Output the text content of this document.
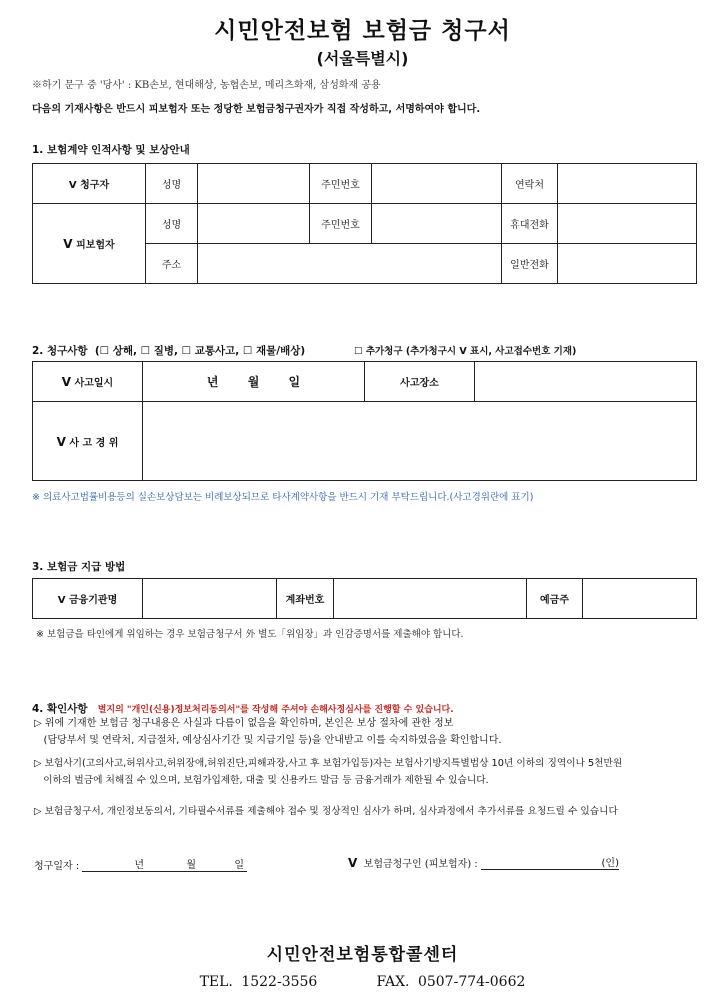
시민안전보험 보험금 청구서
(서울특별시)
※하기 문구 중 '당사' : KB손보, 현대해상, 농협손보, 메리츠화재, 삼성화재 공용
다음의 기재사항은 반드시 피보험자 또는 정당한 보험금청구권자가 직접 작성하고, 서명하여야 합니다.
1. 보험계약 인적사항 및 보상안내
V 청구자	성명		주민번호		연락처	
V 피보험자	성명		주민번호		휴대전화	
	주소				일반전화	
2. 청구사항 (☐ 상해, ☐ 질병, ☐ 교통사고, ☐ 재물/배상)	☐ 추가청구 (추가청구시 V 표시, 사고접수번호 기재)
V 사고일시	년       월       일	사고장소	
V 사 고 경 위			
※ 의료사고법률비용등의 실손보상담보는 비례보상되므로 타사계약사항을 반드시 기재 부탁드립니다.(사고경위란에 표기)
3. 보험금 지급 방법
V 금융기관명		계좌번호		예금주	
※ 보험금을 타인에게 위임하는 경우 보험금청구서 外 별도「위임장」과 인감증명서를 제출해야 합니다.
4. 확인사항 별지의 "개인(신용)정보처리동의서"를 작성해 주셔야 손해사정심사를 진행할 수 있습니다.
▷ 위에 기재한 보험금 청구내용은 사실과 다름이 없음을 확인하며, 본인은 보상 절차에 관한 정보
(담당부서 및 연락처, 지급절차, 예상심사기간 및 지급기일 등)을 안내받고 이를 숙지하였음을 확인합니다.
▷ 보험사기(고의사고,허위사고,허위장애,허위진단,피해과장,사고 후 보험가입등)자는 보험사기방지특별법상 10년 이하의 징역이나 5천만원
이하의 벌금에 처해질 수 있으며, 보험가입제한, 대출 및 신용카드 발급 등 금융거래가 제한될 수 있습니다.
▷ 보험금청구서, 개인정보동의서, 기타필수서류를 제출해야 접수 및 정상적인 심사가 하며, 심사과정에서 추가서류를 요청드릴 수 있습니다
청구일자 :	년	월	일	V 보험금청구인 (피보험자) :	(인)
시민안전보험통합콜센터
TEL. 1522-3556	FAX. 0507-774-0662
